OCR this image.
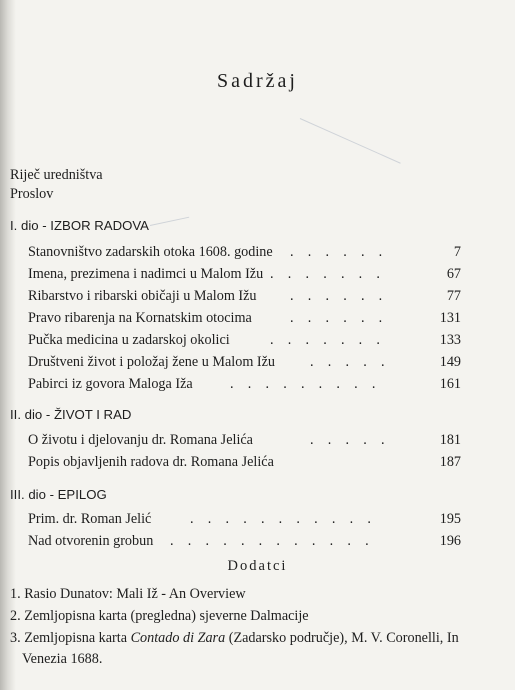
Sadržaj
Riječ uredništva
Proslov
I. dio - IZBOR RADOVA
Stanovništvo zadarskih otoka 1608. godine .    .    .    .    .    .	7
Imena, prezimena i nadimci u Malom Ižu .    .    .    .    .    .    .	67
Ribarstvo i ribarski običaji u Malom Ižu .    .    .    .    .    .	77
Pravo ribarenja na Kornatskim otocima	.    .    .    .    .    .	131
Pučka medicina u zadarskoj okolici	.    .    .    .    .    .    .	133
Društveni život i položaj žene u Malom Ižu .    .    .    .    .	149
Pabirci iz govora Maloga Iža	.    .    .    .    .    .    .    .    .	161
II. dio - ŽIVOT I RAD
O životu i djelovanju dr. Romana Jelića	.    .    .    .    .	181
Popis objavljenih radova dr. Romana Jelića	187
III. dio - EPILOG
Prim. dr. Roman Jelić	.    .    .    .    .    .    .    .    .    .    .	195
Nad otvorenin grobun .    .    .    .    .    .    .    .    .    .    .    .	196
Dodatci
1. Rasio Dunatov: Mali Iž - An Overview
2. Zemljopisna karta (pregledna) sjeverne Dalmacije
3. Zemljopisna karta Contado di Zara (Zadarsko područje), M. V. Coronelli, In
Venezia 1688.
